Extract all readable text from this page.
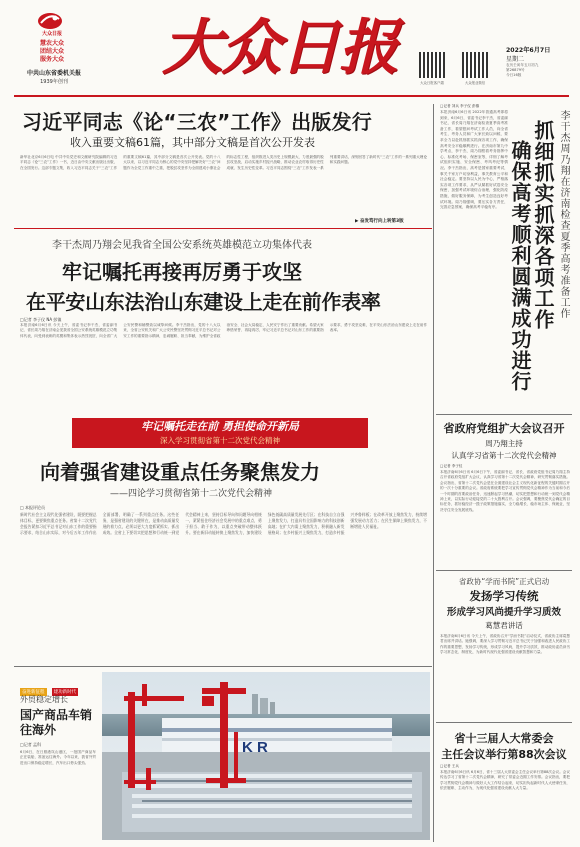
大众日报
慧农大众
团结大众
服务大众
中共山东省委机关报
1939年创刊	大众日报	大众日报客户端	大众报业微信
2022年6月7日
星期二
农历壬寅年五月初九
第26879号
今日16版
习近平同志《论“三农”工作》出版发行
收入重要文稿61篇，其中部分文稿是首次公开发表
新华社北京6月6日电 中共中央党史和文献研究院编辑的习近平同志《论“三农”工作》一书，近日由中央文献出版社出版，在全国发行。这部专题文集，收入习近平同志关于“三农”工作的重要文稿61篇，其中部分文稿是首次公开发表。党的十八大以来，以习近平同志为核心的党中央坚持把解决好“三农”问题作为全党工作重中之重，把脱贫攻坚作为全面建成小康社会的标志性工程，组织推进人类历史上规模最大、力度最强的脱贫攻坚战，启动实施乡村振兴战略，推动农业农村取得历史性成就、发生历史性变革。习近平同志围绕“三农”工作发表一系列重要讲话，深刻回答了新时代“三农”工作的一系列重大理论和实践问题。
▶ 奋发笃行向上转第3版
李干杰周乃翔会见我省全国公安系统英雄模范立功集体代表
牢记嘱托再接再厉勇于攻坚
在平安山东法治山东建设上走在前作表率
□记者 李子仪 NA 彭镇
本报济南6月6日讯 今天上午，省委书记李干杰，省委副书记、省长周乃翔在济南会见我省全国公安系统英雄模范立功集体代表，向受到表彰的英模和集体表示热烈祝贺，向全省广大公安民警和辅警致以诚挚问候。李干杰指出，党的十八大以来，全省公安机关和广大公安民警坚决贯彻习近平总书记对公安工作的重要指示精神，忠诚履职、担当奉献，为维护全省政治安全、社会大局稳定、人民安宁作出了重要贡献。希望大家珍惜荣誉、再接再厉，牢记习近平总书记对山东工作的重要指示要求，勇于攻坚克难，在平安山东法治山东建设上走在前作表率。
牢记嘱托走在前 勇担使命开新局
深入学习贯彻省第十二次党代会精神
向着强省建设重点任务聚焦发力
——四论学习贯彻省第十二次党代会精神
□ 本报评论员
新时代社会主义现代化强省建设，既要把握总体目标，更要聚焦重点任务。省第十二次党代会报告紧扣习近平总书记对山东工作的重要指示要求，结合山东实际，对今后五年工作作出全面部署，明确了一系列重点任务。这些任务，是强省建设的关键所在，是推动高质量发展的着力点，必须以更大力度抓紧抓实、抓出成效。全省上下要切实把思想和行动统一到党代会精神上来，坚持目标导向和问题导向相统一，紧紧扭住经济社会发展中的重点难点，勇于担当、敢于作为，以重点突破带动整体跃升。要在新旧动能转换上聚焦发力，加快建设绿色低碳高质量发展先行区；在科技自立自强上聚焦发力，打造具有全国影响力的科技创新高地；在扩大内需上聚焦发力，积极融入新发展格局；在乡村振兴上聚焦发力，打造乡村振兴齐鲁样板；在改革开放上聚焦发力，持续增强发展动力活力；在民生保障上聚焦发力，不断增进人民福祉。
奋进新征程 建功新时代
外贸稳定增长
国产商品车销往海外
□记者 孟科
6月6日，在日照港岚山港区，一批国产商品车正在装船，准备运往海外。今年以来，我省外贸进出口保持稳定增长，汽车出口势头强劲。
K R
□记者 刘兵 李子仪 彭镇
本报济南6月6日讯 2022年普通高考即将到来，6月6日，省委书记李干杰，省委副书记、省长周乃翔在济南检查夏季高考准备工作，看望慰问考试工作人员，向全省考生、考务人员和广大家长致以问候，要求全力以赴抓细抓实抓深各项工作，确保高考安全平稳顺利进行。在济南市第九中学考点，李干杰、周乃翔察看考务指挥中心、标准化考场、保密室等，详细了解考试组织实施、安全保密、考风考纪等情况。李干杰指出，高考是国家重要考试，事关千家万户切身利益，事关教育公平和社会稳定。要坚持以人民为中心，严格落实各项工作要求，从严从紧抓好试卷安全保密，加强考试环境综合治理，强化防疫措施，做好服务保障，为考生创造良好考试环境。周乃翔强调，要压实各方责任，完善应急预案，确保高考平稳有序。 确保高考顺利圆满成功进行 抓细抓实抓深各项工作 李干杰周乃翔在济南检查夏季高考准备工作
省政府党组扩大会议召开
周乃翔主持
认真学习省第十二次党代会精神
□记者 李子仪
本报济南6月6日讯 6月6日下午，省委副书记、省长、省政府党组书记周乃翔主持召开省政府党组扩大会议，认真学习省第十二次党代会精神，研究贯彻落实措施。会议指出，省第十二次党代会是在全面建设社会主义现代化新征程的关键时期召开的一次十分重要的会议。省政府系统要把学习宣传贯彻党代会精神作为当前和今后一个时期的首要政治任务，迅速掀起学习热潮，切实把思想和行动统一到党代会精神上来，以实际行动迎接党的二十大胜利召开。会议强调，要聚焦党代会确定的目标任务，抓好稳经济一揽子政策措施落实，全力稳增长、稳市场主体、保就业，坚决守住安全发展底线。
省政协“学而书院”正式启动
发扬学习传统
形成学习风尚提升学习质效
葛慧君讲话
本报济南6月6日讯 今天上午，省政协召开“学而书院”启动仪式，省政协主席葛慧君出席并讲话。她强调，要深入学习贯彻习近平总书记关于加强和改进人民政协工作的重要思想，发扬学习传统，形成学习风尚，提升学习质效，推动政协委员读书学习常态化、制度化，为新时代现代化强省建设贡献智慧和力量。
省十三届人大常委会
主任会议举行第88次会议
□记者 王兵
本报济南6月6日讯 6月6日，省十三届人大常委会主任会议举行第88次会议。会议传达学习了省第十二次党代会精神，研究了常委会近期工作安排。会议指出，要把学习贯彻党代会精神与做好人大工作结合起来，切实担负起新时代人大使命任务，依法履职、主动作为，为现代化强省建设贡献人大力量。
